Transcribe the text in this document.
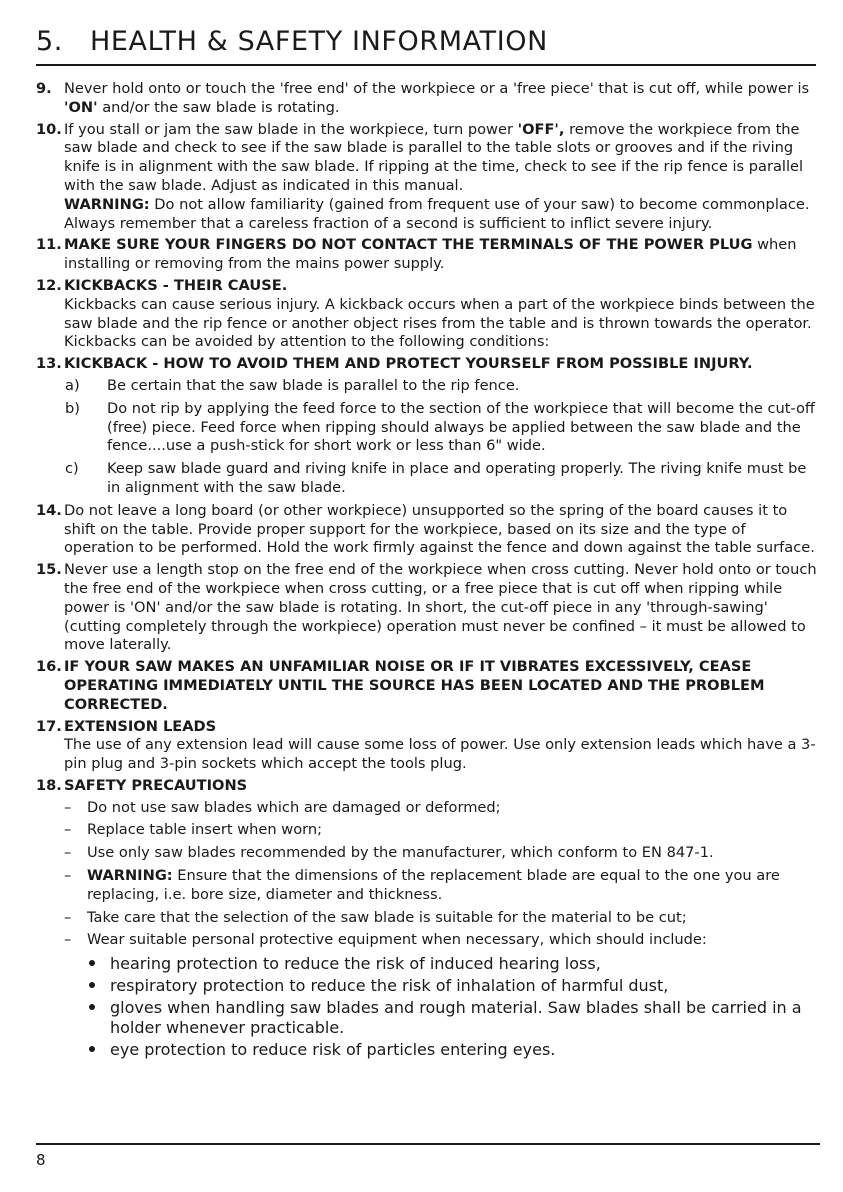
5. HEALTH & SAFETY INFORMATION
9. Never hold onto or touch the 'free end' of the workpiece or a 'free piece' that is cut off, while power is 'ON' and/or the saw blade is rotating.
10. If you stall or jam the saw blade in the workpiece, turn power 'OFF', remove the workpiece from the saw blade and check to see if the saw blade is parallel to the table slots or grooves and if the riving knife is in alignment with the saw blade. If ripping at the time, check to see if the rip fence is parallel with the saw blade. Adjust as indicated in this manual.
WARNING: Do not allow familiarity (gained from frequent use of your saw) to become commonplace. Always remember that a careless fraction of a second is sufficient to inflict severe injury.
11. MAKE SURE YOUR FINGERS DO NOT CONTACT THE TERMINALS OF THE POWER PLUG when installing or removing from the mains power supply.
12. KICKBACKS - THEIR CAUSE.
Kickbacks can cause serious injury. A kickback occurs when a part of the workpiece binds between the saw blade and the rip fence or another object rises from the table and is thrown towards the operator. Kickbacks can be avoided by attention to the following conditions:
13. KICKBACK - HOW TO AVOID THEM AND PROTECT YOURSELF FROM POSSIBLE INJURY.
a) Be certain that the saw blade is parallel to the rip fence.
b) Do not rip by applying the feed force to the section of the workpiece that will become the cut-off (free) piece. Feed force when ripping should always be applied between the saw blade and the fence....use a push-stick for short work or less than 6" wide.
c) Keep saw blade guard and riving knife in place and operating properly. The riving knife must be in alignment with the saw blade.
14. Do not leave a long board (or other workpiece) unsupported so the spring of the board causes it to shift on the table. Provide proper support for the workpiece, based on its size and the type of operation to be performed. Hold the work firmly against the fence and down against the table surface.
15. Never use a length stop on the free end of the workpiece when cross cutting. Never hold onto or touch the free end of the workpiece when cross cutting, or a free piece that is cut off when ripping while power is 'ON' and/or the saw blade is rotating. In short, the cut-off piece in any 'through-sawing' (cutting completely through the workpiece) operation must never be confined – it must be allowed to move laterally.
16. IF YOUR SAW MAKES AN UNFAMILIAR NOISE OR IF IT VIBRATES EXCESSIVELY, CEASE OPERATING IMMEDIATELY UNTIL THE SOURCE HAS BEEN LOCATED AND THE PROBLEM CORRECTED.
17. EXTENSION LEADS
The use of any extension lead will cause some loss of power. Use only extension leads which have a 3-pin plug and 3-pin sockets which accept the tools plug.
18. SAFETY PRECAUTIONS
– Do not use saw blades which are damaged or deformed;
– Replace table insert when worn;
– Use only saw blades recommended by the manufacturer, which conform to EN 847-1.
– WARNING: Ensure that the dimensions of the replacement blade are equal to the one you are replacing, i.e. bore size, diameter and thickness.
– Take care that the selection of the saw blade is suitable for the material to be cut;
– Wear suitable personal protective equipment when necessary, which should include:
hearing protection to reduce the risk of induced hearing loss,
respiratory protection to reduce the risk of inhalation of harmful dust,
gloves when handling saw blades and rough material. Saw blades shall be carried in a holder whenever practicable.
eye protection to reduce risk of particles entering eyes.
8
